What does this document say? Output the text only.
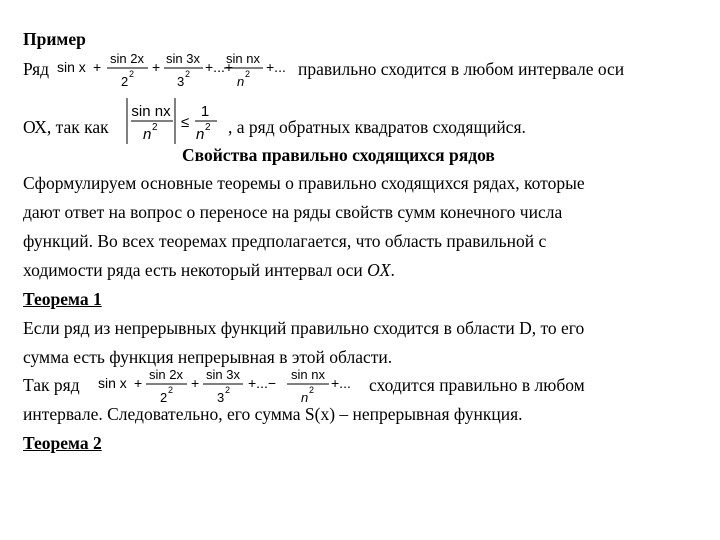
Пример
Ряд sin x +
sin 2x
2 2 +
sin 3x
3 2 +...+
sin nx
n 2 +... правильно сходится в любом интервале оси
ОХ, так как
sin nx
n 2 ≤
1
n 2 , а ряд обратных квадратов сходящийся.
Свойства правильно сходящихся рядов
Сформулируем основные теоремы о правильно сходящихся рядах, которые
дают ответ на вопрос о переносе на ряды свойств сумм конечного числа
функций. Во всех теоремах предполагается, что область правильной с
ходимости ряда есть некоторый интервал оси OX.
Теорема 1
Если ряд из непрерывных функций правильно сходится в области D, то его
сумма есть функция непрерывная в этой области.
Так ряд sin x +
sin 2x
2 2 +
sin 3x
3 2 +...−
sin nx
n 2 +... сходится правильно в любом
интервале. Следовательно, его сумма S(x) – непрерывная функция.
Теорема 2
